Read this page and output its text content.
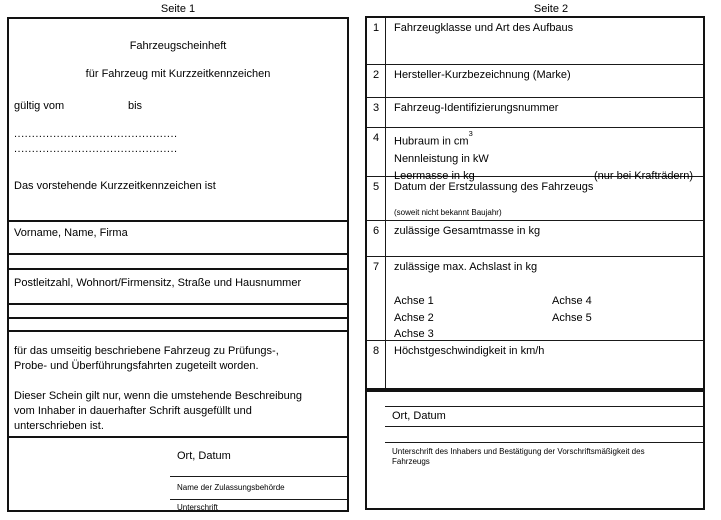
Seite 1
Fahrzeugscheinheft
für Fahrzeug mit Kurzzeitkennzeichen
gültig vom	bis
..............................................
..............................................
Das vorstehende Kurzzeitkennzeichen ist
Vorname, Name, Firma
Postleitzahl, Wohnort/Firmensitz, Straße und Hausnummer

für das umseitig beschriebene Fahrzeug zu Prüfungs-, Probe- und Überführungsfahrten zugeteilt worden.

Dieser Schein gilt nur, wenn die umstehende Beschreibung vom Inhaber in dauerhafter Schrift ausgefüllt und unterschrieben ist.

Ort, Datum
Name der Zulassungsbehörde
Unterschrift
Seite 2
1	Fahrzeugklasse und Art des Aufbaus
2	Hersteller-Kurzbezeichnung (Marke)
3	Fahrzeug-Identifizierungsnummer
4	Hubraum in $cm^3$
Nennleistung in kW
Leermasse in kg	(nur bei Krafträdern)
5	Datum der Erstzulassung des Fahrzeugs
(soweit nicht bekannt Baujahr)
6	zulässige Gesamtmasse in kg
7	zulässige max. Achslast in kg
Achse 1	Achse 4
Achse 2	Achse 5
Achse 3
8	Höchstgeschwindigkeit in km/h
Ort, Datum
Unterschrift des Inhabers und Bestätigung der Vorschriftsmäßigkeit des Fahrzeugs
